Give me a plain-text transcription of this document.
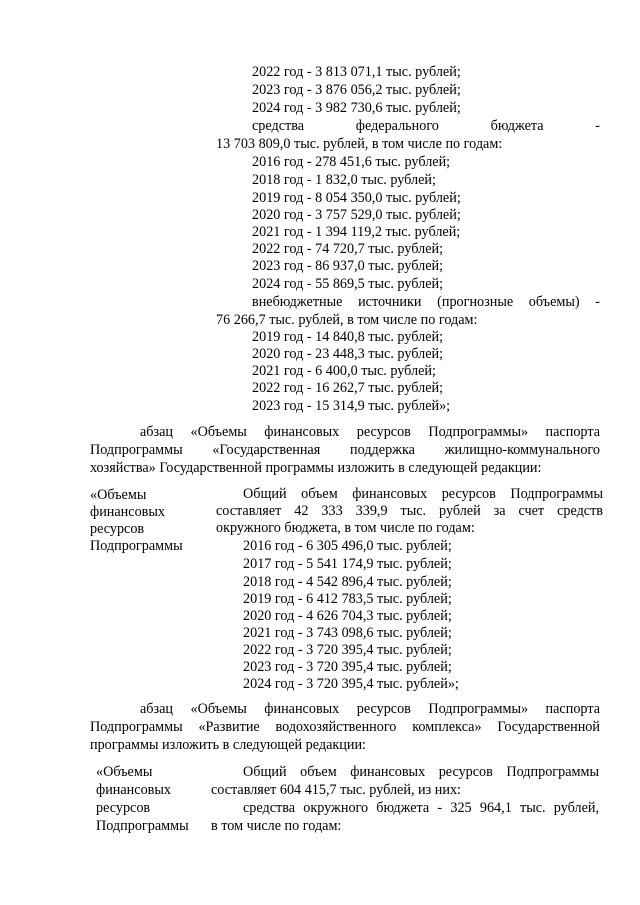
2022 год - 3 813 071,1 тыс. рублей;
2023 год - 3 876 056,2 тыс. рублей;
2024 год - 3 982 730,6 тыс. рублей;
средства федерального бюджета -
13 703 809,0 тыс. рублей, в том числе по годам:
2016 год - 278 451,6 тыс. рублей;
2018 год - 1 832,0 тыс. рублей;
2019 год - 8 054 350,0 тыс. рублей;
2020 год - 3 757 529,0 тыс. рублей;
2021 год - 1 394 119,2 тыс. рублей;
2022 год - 74 720,7 тыс. рублей;
2023 год - 86 937,0 тыс. рублей;
2024 год - 55 869,5 тыс. рублей;
внебюджетные источники (прогнозные объемы) -
76 266,7 тыс. рублей, в том числе по годам:
2019 год - 14 840,8 тыс. рублей;
2020 год - 23 448,3 тыс. рублей;
2021 год - 6 400,0 тыс. рублей;
2022 год - 16 262,7 тыс. рублей;
2023 год - 15 314,9 тыс. рублей»;
абзац «Объемы финансовых ресурсов Подпрограммы» паспорта
Подпрограммы «Государственная поддержка жилищно-коммунального
хозяйства» Государственной программы изложить в следующей редакции:
«Объемы
финансовых
ресурсов
Подпрограммы
Общий объем финансовых ресурсов Подпрограммы
составляет 42 333 339,9 тыс. рублей за счет средств
окружного бюджета, в том числе по годам:
2016 год - 6 305 496,0 тыс. рублей;
2017 год - 5 541 174,9 тыс. рублей;
2018 год - 4 542 896,4 тыс. рублей;
2019 год - 6 412 783,5 тыс. рублей;
2020 год - 4 626 704,3 тыс. рублей;
2021 год - 3 743 098,6 тыс. рублей;
2022 год - 3 720 395,4 тыс. рублей;
2023 год - 3 720 395,4 тыс. рублей;
2024 год - 3 720 395,4 тыс. рублей»;
абзац «Объемы финансовых ресурсов Подпрограммы» паспорта
Подпрограммы «Развитие водохозяйственного комплекса» Государственной
программы изложить в следующей редакции:
«Объемы
финансовых
ресурсов
Подпрограммы
Общий объем финансовых ресурсов Подпрограммы
составляет 604 415,7 тыс. рублей, из них:
средства окружного бюджета - 325 964,1 тыс. рублей,
в том числе по годам:
